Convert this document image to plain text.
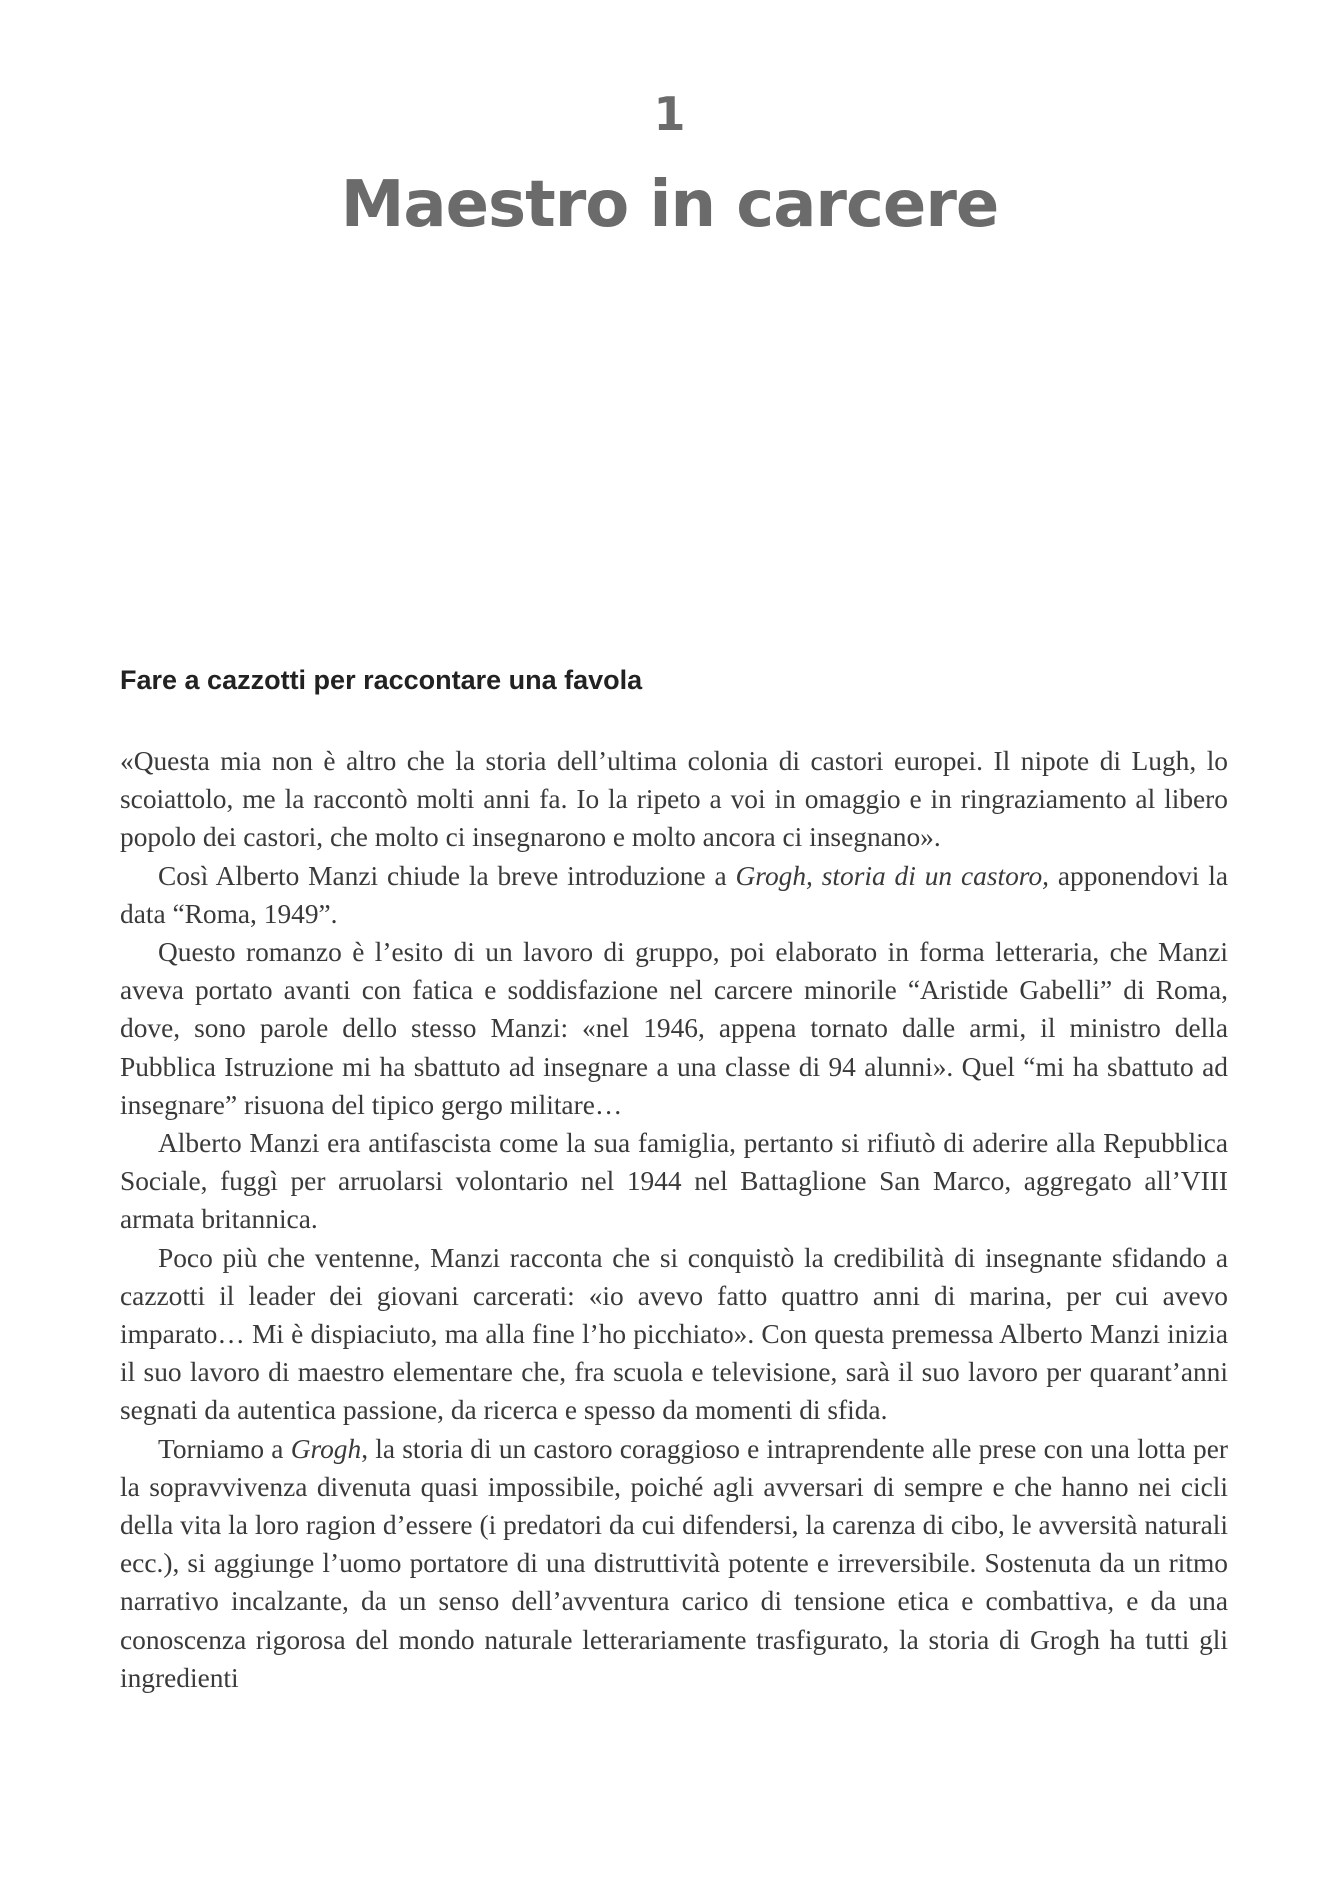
1
Maestro in carcere
Fare a cazzotti per raccontare una favola

«Questa mia non è altro che la storia dell’ultima colonia di castori europei. Il nipote di Lugh, lo scoiattolo, me la raccontò molti anni fa. Io la ripeto a voi in omaggio e in ringraziamento al libero popolo dei castori, che molto ci insegnarono e molto ancora ci insegnano».

Così Alberto Manzi chiude la breve introduzione a Grogh, storia di un castoro, apponendovi la data “Roma, 1949”.

Questo romanzo è l’esito di un lavoro di gruppo, poi elaborato in forma letteraria, che Manzi aveva portato avanti con fatica e soddisfazione nel carcere minorile “Aristide Gabelli” di Roma, dove, sono parole dello stesso Manzi: «nel 1946, appena tornato dalle armi, il ministro della Pubblica Istruzione mi ha sbattuto ad insegnare a una classe di 94 alunni». Quel “mi ha sbattuto ad insegnare” risuona del tipico gergo militare…

Alberto Manzi era antifascista come la sua famiglia, pertanto si rifiutò di aderire alla Repubblica Sociale, fuggì per arruolarsi volontario nel 1944 nel Battaglione San Marco, aggregato all’VIII armata britannica.

Poco più che ventenne, Manzi racconta che si conquistò la credibilità di insegnante sfidando a cazzotti il leader dei giovani carcerati: «io avevo fatto quattro anni di marina, per cui avevo imparato… Mi è dispiaciuto, ma alla fine l’ho picchiato». Con questa premessa Alberto Manzi inizia il suo lavoro di maestro elementare che, fra scuola e televisione, sarà il suo lavoro per quarant’anni segnati da autentica passione, da ricerca e spesso da momenti di sfida.

Torniamo a Grogh, la storia di un castoro coraggioso e intraprendente alle prese con una lotta per la sopravvivenza divenuta quasi impossibile, poiché agli avversari di sempre e che hanno nei cicli della vita la loro ragion d’essere (i predatori da cui difendersi, la carenza di cibo, le avversità naturali ecc.), si aggiunge l’uomo portatore di una distruttività potente e irreversibile. Sostenuta da un ritmo narrativo incalzante, da un senso dell’avventura carico di tensione etica e combattiva, e da una conoscenza rigorosa del mondo naturale letterariamente trasfigurato, la storia di Grogh ha tutti gli ingredienti
